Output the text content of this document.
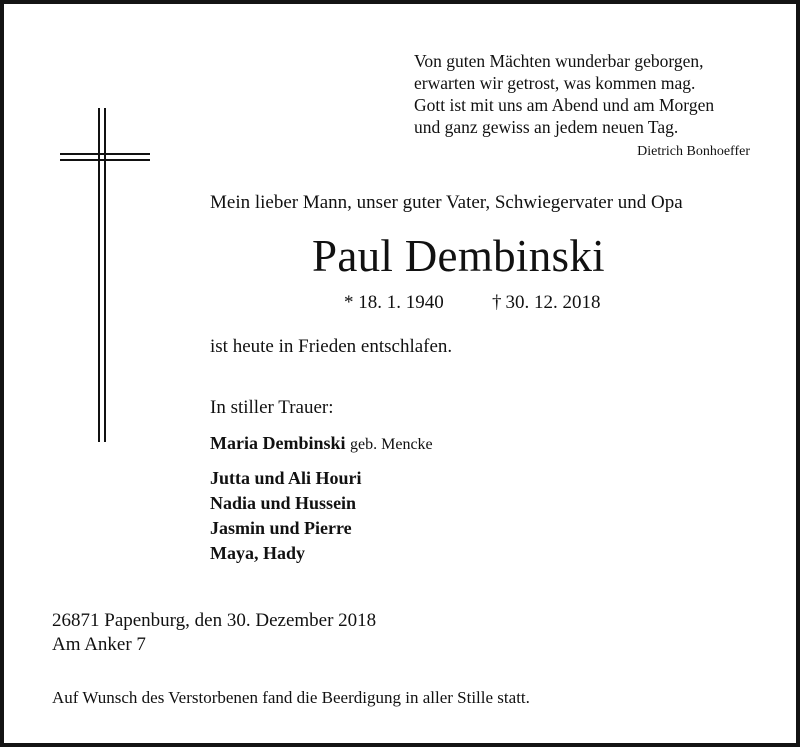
Von guten Mächten wunderbar geborgen,
erwarten wir getrost, was kommen mag.
Gott ist mit uns am Abend und am Morgen
und ganz gewiss an jedem neuen Tag.
Dietrich Bonhoeffer
Mein lieber Mann, unser guter Vater, Schwiegervater und Opa
Paul Dembinski
* 18. 1. 1940	† 30. 12. 2018
ist heute in Frieden entschlafen.
In stiller Trauer:
Maria Dembinski geb. Mencke
Jutta und Ali Houri
Nadia und Hussein
Jasmin und Pierre
Maya, Hady
26871 Papenburg, den 30. Dezember 2018
Am Anker 7
Auf Wunsch des Verstorbenen fand die Beerdigung in aller Stille statt.
